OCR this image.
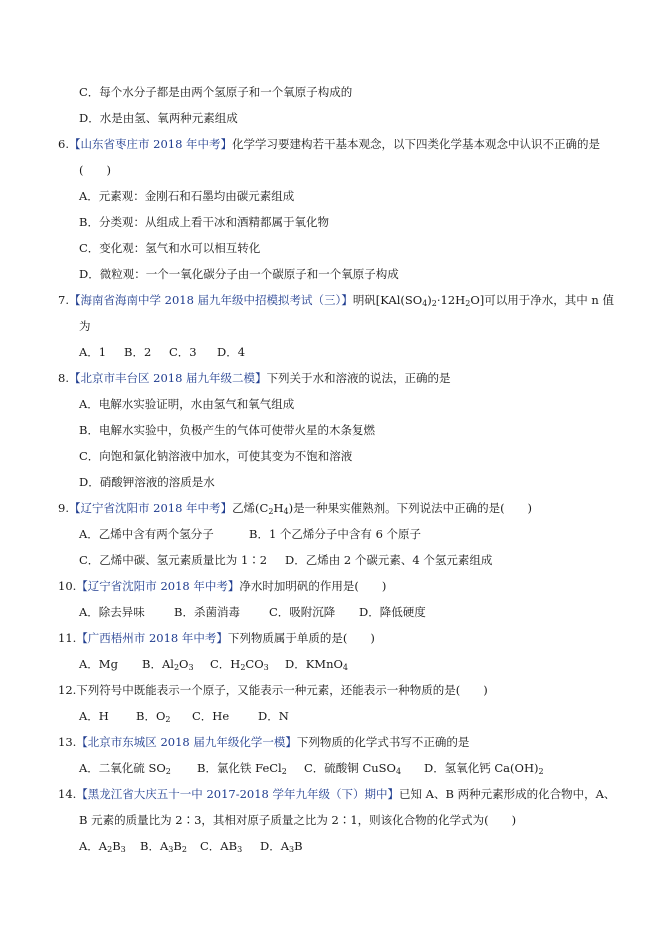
C．每个水分子都是由两个氢原子和一个氧原子构成的
D．水是由氢、氧两种元素组成
6.【山东省枣庄市 2018 年中考】化学学习要建构若干基本观念，以下四类化学基本观念中认识不正确的是
(　　)
A．元素观：金刚石和石墨均由碳元素组成
B．分类观：从组成上看干冰和酒精都属于氧化物
C．变化观：氢气和水可以相互转化
D．微粒观：一个一氧化碳分子由一个碳原子和一个氧原子构成
7.【海南省海南中学 2018 届九年级中招模拟考试（三）】明矾$[KAl(SO_4)_2\cdot 12H_2O]$可以用于净水，其中 n 值
为
A．1 B．2 C．3 D．4
8.【北京市丰台区 2018 届九年级二模】下列关于水和溶液的说法，正确的是
A．电解水实验证明，水由氢气和氧气组成
B．电解水实验中，负极产生的气体可使带火星的木条复燃
C．向饱和氯化钠溶液中加水，可使其变为不饱和溶液
D．硝酸钾溶液的溶质是水
9.【辽宁省沈阳市 2018 年中考】乙烯$(C_2H_4)$是一种果实催熟剂。下列说法中正确的是(　　)
A．乙烯中含有两个氢分子	B．1 个乙烯分子中含有 6 个原子
C．乙烯中碳、氢元素质量比为 1∶2 D．乙烯由 2 个碳元素、4 个氢元素组成
10.【辽宁省沈阳市 2018 年中考】净水时加明矾的作用是(　　)
A．除去异味	B．杀菌消毒	C．吸附沉降 D．降低硬度
11.【广西梧州市 2018 年中考】下列物质属于单质的是(　　)
A．Mg B．$Al_2O_3$ C．$H_2CO_3$ D．KMnO$_4$
12.下列符号中既能表示一个原子，又能表示一种元素，还能表示一种物质的是(　　)
A．H B．$O_2$ C．He	D．N
13.【北京市东城区 2018 届九年级化学一模】下列物质的化学式书写不正确的是
A．二氧化硫 $SO_2$ B．氯化铁 FeCl$_2$ C．硫酸铜 CuSO$_4$ D．氢氧化钙 $Ca(OH)_2$
14.【黑龙江省大庆五十一中 2017-2018 学年九年级（下）期中】已知 A、B 两种元素形成的化合物中，A、
B 元素的质量比为 2∶3，其相对原子质量之比为 2∶1，则该化合物的化学式为(　　)
A．$A_2B_3$ B．$A_3B_2$ C．$AB_3$ D．$A_3B$
